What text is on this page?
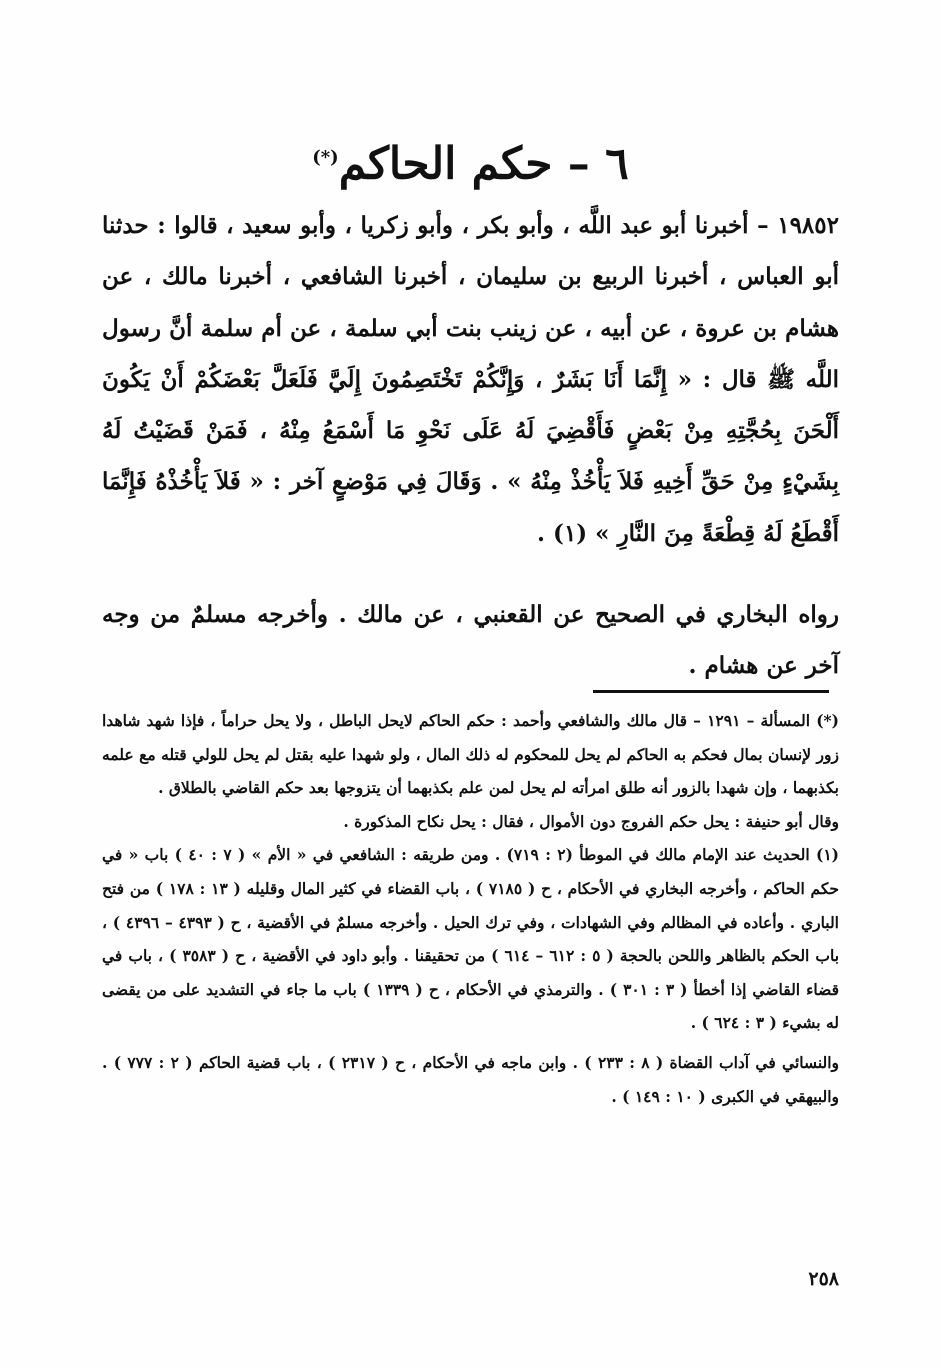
٦ – حكم الحاكم(*)

١٩٨٥٢ – أخبرنا أبو عبد اللَّه ، وأبو بكر ، وأبو زكريا ، وأبو سعيد ، قالوا : حدثنا أبو العباس ، أخبرنا الربيع بن سليمان ، أخبرنا الشافعي ، أخبرنا مالك ، عن هشام بن عروة ، عن أبيه ، عن زينب بنت أبي سلمة ، عن أم سلمة أنَّ رسول اللَّه ﷺ قال : « إِنَّمَا أَنَا بَشَرٌ ، وَإِنَّكُمْ تَخْتَصِمُونَ إِلَيَّ فَلَعَلَّ بَعْضَكُمْ أَنْ يَكُونَ أَلْحَنَ بِحُجَّتِهِ مِنْ بَعْضٍ فَأَقْضِيَ لَهُ عَلَى نَحْوِ مَا أَسْمَعُ مِنْهُ ، فَمَنْ قَضَيْتُ لَهُ بِشَيْءٍ مِنْ حَقِّ أَخِيهِ فَلاَ يَأْخُذْ مِنْهُ » . وَقَالَ فِي مَوْضعٍ آخر : « فَلاَ يَأْخُذْهُ فَإِنَّمَا أَقْطَعُ لَهُ قِطْعَةً مِنَ النَّارِ » (١) .

رواه البخاري في الصحيح عن القعنبي ، عن مالك . وأخرجه مسلمٌ من وجه آخر عن هشام .

(*) المسألة – ١٢٩١ – قال مالك والشافعي وأحمد : حكم الحاكم لايحل الباطل ، ولا يحل حراماً ، فإذا شهد شاهدا زور لإنسان بمال فحكم به الحاكم لم يحل للمحكوم له ذلك المال ، ولو شهدا عليه بقتل لم يحل للولي قتله مع علمه بكذبهما ، وإن شهدا بالزور أنه طلق امرأته لم يحل لمن علم بكذبهما أن يتزوجها بعد حكم القاضي بالطلاق .

وقال أبو حنيفة : يحل حكم الفروج دون الأموال ، فقال : يحل نكاح المذكورة .

(١) الحديث عند الإمام مالك في الموطأ (٢ : ٧١٩) . ومن طريقه : الشافعي في « الأم » ( ٧ : ٤٠ ) باب « في حكم الحاكم ، وأخرجه البخاري في الأحكام ، ح ( ٧١٨٥ ) ، باب القضاء في كثير المال وقليله ( ١٣ : ١٧٨ ) من فتح الباري . وأعاده في المظالم وفي الشهادات ، وفي ترك الحيل . وأخرجه مسلمٌ في الأقضية ، ح ( ٤٣٩٣ – ٤٣٩٦ ) ، باب الحكم بالظاهر واللحن بالحجة ( ٥ : ٦١٢ – ٦١٤ ) من تحقيقنا . وأبو داود في الأقضية ، ح ( ٣٥٨٣ ) ، باب في قضاء القاضي إذا أخطأ ( ٣ : ٣٠١ ) . والترمذي في الأحكام ، ح ( ١٣٣٩ ) باب ما جاء في التشديد على من يقضى له بشيء ( ٣ : ٦٢٤ ) .

والنسائي في آداب القضاة ( ٨ : ٢٣٣ ) . وابن ماجه في الأحكام ، ح ( ٢٣١٧ ) ، باب قضية الحاكم ( ٢ : ٧٧٧ ) . والبيهقي في الكبرى ( ١٠ : ١٤٩ ) .

٢٥٨
